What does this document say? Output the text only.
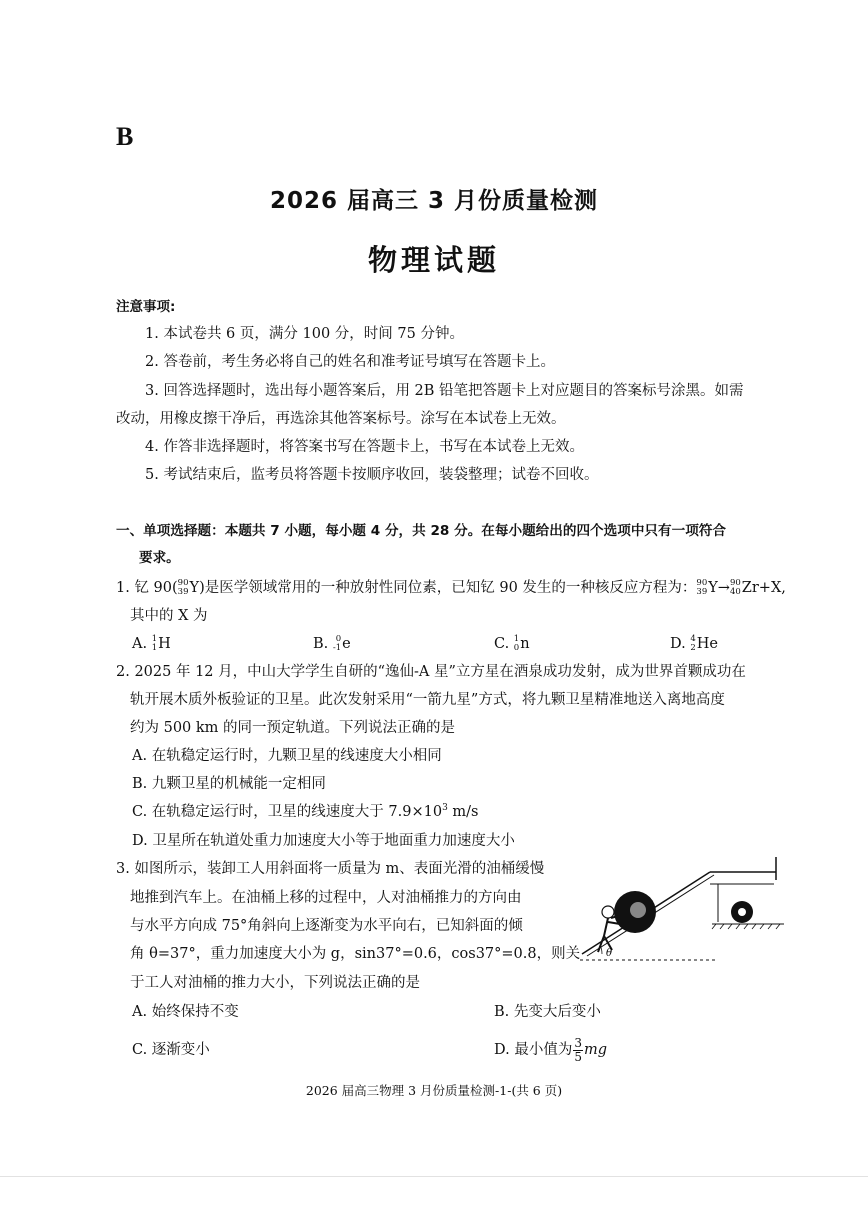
B
2026 届高三 3 月份质量检测
物理试题
注意事项:
1. 本试卷共 6 页，满分 100 分，时间 75 分钟。
2. 答卷前，考生务必将自己的姓名和准考证号填写在答题卡上。
3. 回答选择题时，选出每小题答案后，用 2B 铅笔把答题卡上对应题目的答案标号涂黑。如需
改动，用橡皮擦干净后，再选涂其他答案标号。涂写在本试卷上无效。
4. 作答非选择题时，将答案书写在答题卡上，书写在本试卷上无效。
5. 考试结束后，监考员将答题卡按顺序收回，装袋整理；试卷不回收。
一、单项选择题：本题共 7 小题，每小题 4 分，共 28 分。在每小题给出的四个选项中只有一项符合
要求。
1. 钇 90( 90
39 Y)是医学领域常用的一种放射性同位素，已知钇 90 发生的一种核反应方程为： 90
39 Y→ 90
40 Zr+X,
其中的 X 为
A. 1
1 H	B. 0
-1 e	C. 1
0 n	D. 4
2 He
2. 2025 年 12 月，中山大学学生自研的“逸仙-A 星”立方星在酒泉成功发射，成为世界首颗成功在
轨开展木质外板验证的卫星。此次发射采用“一箭九星”方式，将九颗卫星精准地送入离地高度
约为 500 km 的同一预定轨道。下列说法正确的是
A. 在轨稳定运行时，九颗卫星的线速度大小相同
B. 九颗卫星的机械能一定相同
C. 在轨稳定运行时，卫星的线速度大于 $7.9\times 10^3$ m/s
D. 卫星所在轨道处重力加速度大小等于地面重力加速度大小
3. 如图所示，装卸工人用斜面将一质量为 m、表面光滑的油桶缓慢
地推到汽车上。在油桶上移的过程中，人对油桶推力的方向由
与水平方向成 75°角斜向上逐渐变为水平向右，已知斜面的倾
角 θ=37°，重力加速度大小为 g，sin37°=0.6，cos37°=0.8，则关
于工人对油桶的推力大小，下列说法正确的是
θ
A. 始终保持不变	B. 先变大后变小
C. 逐渐变小	D. 最小值为 $\frac{3}{5}$ mg
2026 届高三物理 3 月份质量检测-1-(共 6 页)
